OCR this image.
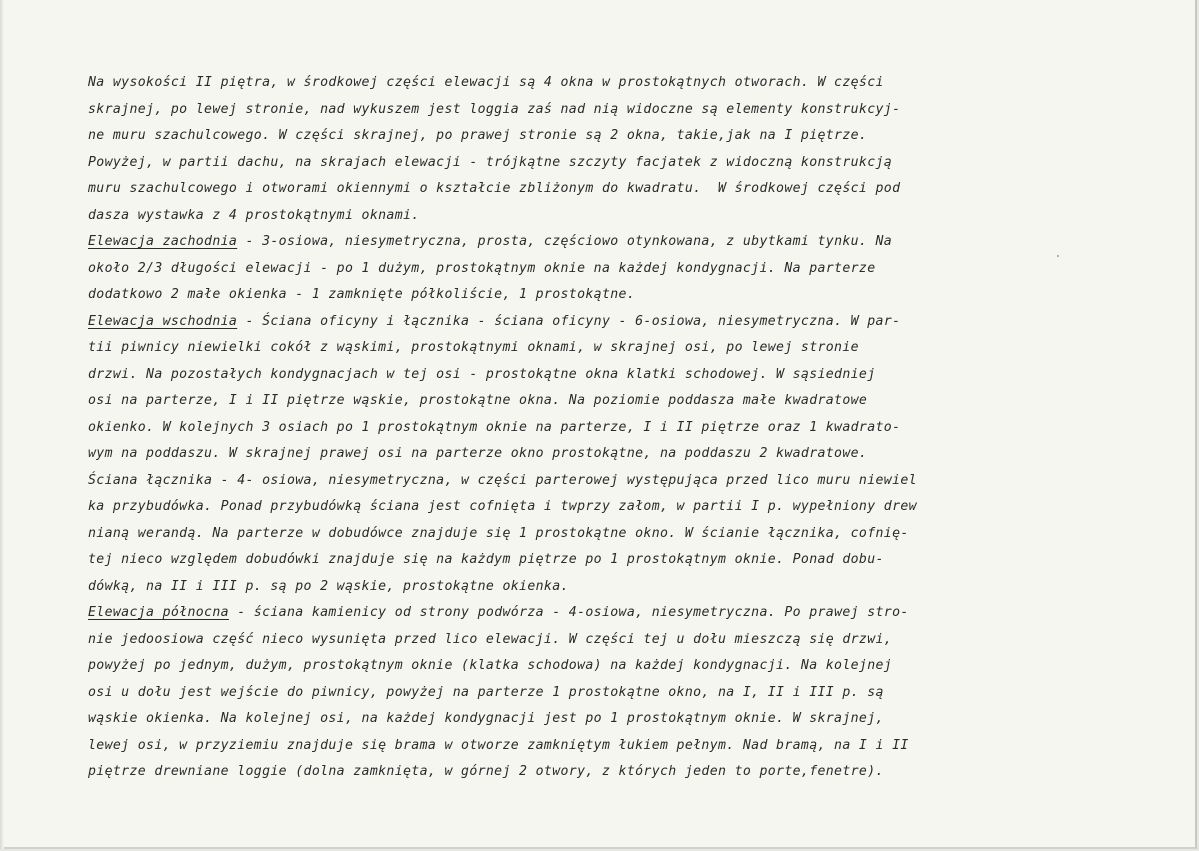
Na wysokości II piętra, w środkowej części elewacji są 4 okna w prostokątnych otworach. W części
skrajnej, po lewej stronie, nad wykuszem jest loggia zaś nad nią widoczne są elementy konstrukcyj-
ne muru szachulcowego. W części skrajnej, po prawej stronie są 2 okna, takie,jak na I piętrze.
Powyżej, w partii dachu, na skrajach elewacji - trójkątne szczyty facjatek z widoczną konstrukcją
muru szachulcowego i otworami okiennymi o kształcie zbliżonym do kwadratu.  W środkowej części pod
dasza wystawka z 4 prostokątnymi oknami.
Elewacja zachodnia - 3-osiowa, niesymetryczna, prosta, częściowo otynkowana, z ubytkami tynku. Na
około 2/3 długości elewacji - po 1 dużym, prostokątnym oknie na każdej kondygnacji. Na parterze
dodatkowo 2 małe okienka - 1 zamknięte półkoliście, 1 prostokątne.
Elewacja wschodnia - Ściana oficyny i łącznika - ściana oficyny - 6-osiowa, niesymetryczna. W par-
tii piwnicy niewielki cokół z wąskimi, prostokątnymi oknami, w skrajnej osi, po lewej stronie
drzwi. Na pozostałych kondygnacjach w tej osi - prostokątne okna klatki schodowej. W sąsiedniej
osi na parterze, I i II piętrze wąskie, prostokątne okna. Na poziomie poddasza małe kwadratowe
okienko. W kolejnych 3 osiach po 1 prostokątnym oknie na parterze, I i II piętrze oraz 1 kwadrato-
wym na poddaszu. W skrajnej prawej osi na parterze okno prostokątne, na poddaszu 2 kwadratowe.
Ściana łącznika - 4- osiowa, niesymetryczna, w części parterowej występująca przed lico muru niewiel
ka przybudówka. Ponad przybudówką ściana jest cofnięta i twprzy załom, w partii I p. wypełniony drew
nianą werandą. Na parterze w dobudówce znajduje się 1 prostokątne okno. W ścianie łącznika, cofnię-
tej nieco względem dobudówki znajduje się na każdym piętrze po 1 prostokątnym oknie. Ponad dobu-
dówką, na II i III p. są po 2 wąskie, prostokątne okienka.
Elewacja północna - ściana kamienicy od strony podwórza - 4-osiowa, niesymetryczna. Po prawej stro-
nie jedoosiowa część nieco wysunięta przed lico elewacji. W części tej u dołu mieszczą się drzwi,
powyżej po jednym, dużym, prostokątnym oknie (klatka schodowa) na każdej kondygnacji. Na kolejnej
osi u dołu jest wejście do piwnicy, powyżej na parterze 1 prostokątne okno, na I, II i III p. są
wąskie okienka. Na kolejnej osi, na każdej kondygnacji jest po 1 prostokątnym oknie. W skrajnej,
lewej osi, w przyziemiu znajduje się brama w otworze zamkniętym łukiem pełnym. Nad bramą, na I i II
piętrze drewniane loggie (dolna zamknięta, w górnej 2 otwory, z których jeden to porte,fenetre).
